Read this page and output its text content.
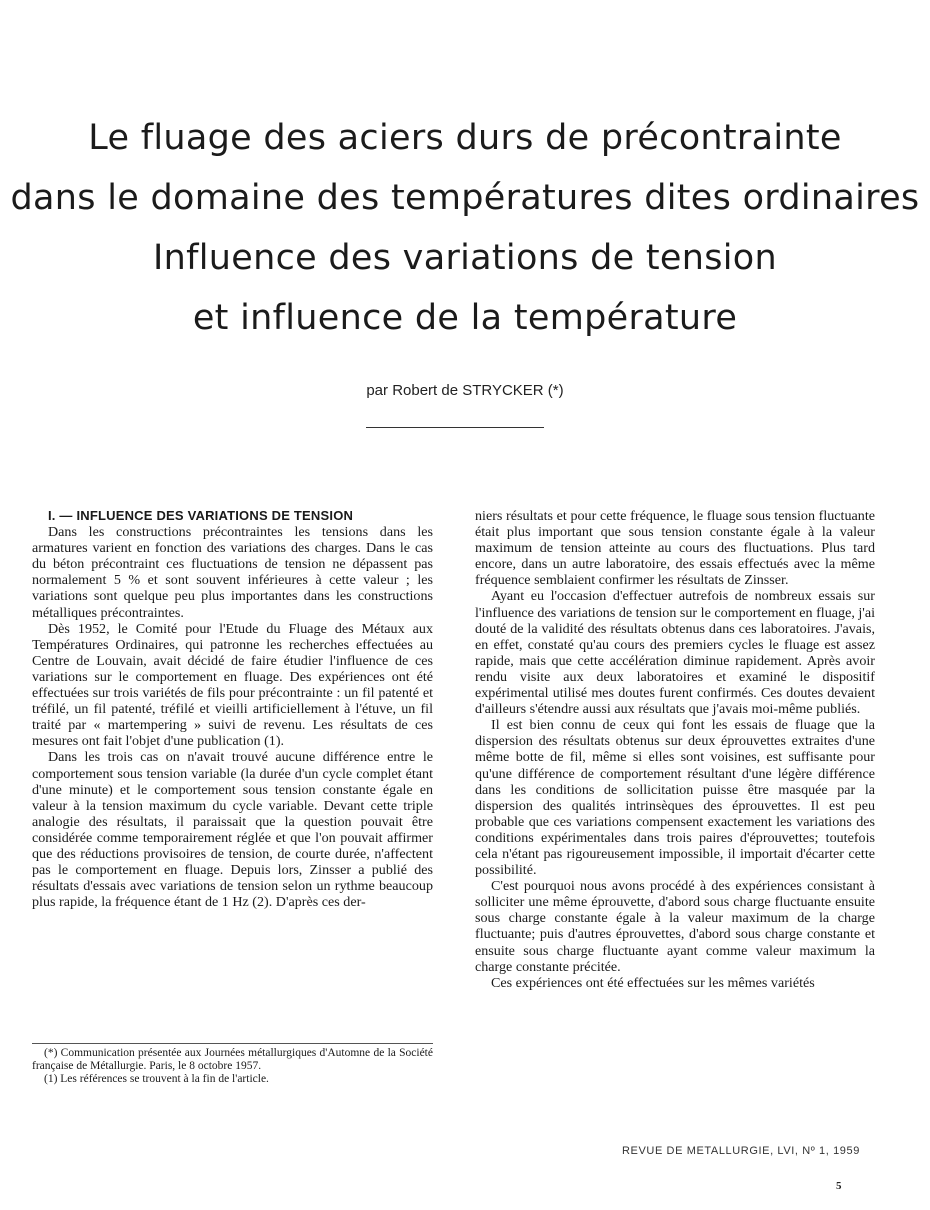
Le fluage des aciers durs de précontrainte
dans le domaine des températures dites ordinaires
Influence des variations de tension
et influence de la température
par Robert de STRYCKER (*)

I. — INFLUENCE DES VARIATIONS DE TENSION

Dans les constructions précontraintes les tensions dans les armatures varient en fonction des variations des charges. Dans le cas du béton précontraint ces fluctuations de tension ne dépassent pas normalement 5 % et sont souvent inférieures à cette valeur ; les variations sont quelque peu plus importantes dans les constructions métalliques précontraintes.

Dès 1952, le Comité pour l'Etude du Fluage des Métaux aux Températures Ordinaires, qui patronne les recherches effectuées au Centre de Louvain, avait décidé de faire étudier l'influence de ces variations sur le comportement en fluage. Des expériences ont été effectuées sur trois variétés de fils pour précontrainte : un fil patenté et tréfilé, un fil patenté, tréfilé et vieilli artificiellement à l'étuve, un fil traité par « martempering » suivi de revenu. Les résultats de ces mesures ont fait l'objet d'une publication (1).

Dans les trois cas on n'avait trouvé aucune différence entre le comportement sous tension variable (la durée d'un cycle complet étant d'une minute) et le comportement sous tension constante égale en valeur à la tension maximum du cycle variable. Devant cette triple analogie des résultats, il paraissait que la question pouvait être considérée comme temporairement réglée et que l'on pouvait affirmer que des réductions provisoires de tension, de courte durée, n'affectent pas le comportement en fluage. Depuis lors, Zinsser a publié des résultats d'essais avec variations de tension selon un rythme beaucoup plus rapide, la fréquence étant de 1 Hz (2). D'après ces der-

(*) Communication présentée aux Journées métallurgiques d'Automne de la Société française de Métallurgie. Paris, le 8 octobre 1957.

(1) Les références se trouvent à la fin de l'article.

niers résultats et pour cette fréquence, le fluage sous tension fluctuante était plus important que sous tension constante égale à la valeur maximum de tension atteinte au cours des fluctuations. Plus tard encore, dans un autre laboratoire, des essais effectués avec la même fréquence semblaient confirmer les résultats de Zinsser.

Ayant eu l'occasion d'effectuer autrefois de nombreux essais sur l'influence des variations de tension sur le comportement en fluage, j'ai douté de la validité des résultats obtenus dans ces laboratoires. J'avais, en effet, constaté qu'au cours des premiers cycles le fluage est assez rapide, mais que cette accélération diminue rapidement. Après avoir rendu visite aux deux laboratoires et examiné le dispositif expérimental utilisé mes doutes furent confirmés. Ces doutes devaient d'ailleurs s'étendre aussi aux résultats que j'avais moi-même publiés.

Il est bien connu de ceux qui font les essais de fluage que la dispersion des résultats obtenus sur deux éprouvettes extraites d'une même botte de fil, même si elles sont voisines, est suffisante pour qu'une différence de comportement résultant d'une légère différence dans les conditions de sollicitation puisse être masquée par la dispersion des qualités intrinsèques des éprouvettes. Il est peu probable que ces variations compensent exactement les variations des conditions expérimentales dans trois paires d'éprouvettes; toutefois cela n'étant pas rigoureusement impossible, il importait d'écarter cette possibilité.

C'est pourquoi nous avons procédé à des expériences consistant à solliciter une même éprouvette, d'abord sous charge fluctuante ensuite sous charge constante égale à la valeur maximum de la charge fluctuante; puis d'autres éprouvettes, d'abord sous charge constante et ensuite sous charge fluctuante ayant comme valeur maximum la charge constante précitée.

Ces expériences ont été effectuées sur les mêmes variétés

REVUE DE METALLURGIE, LVI, Nº 1, 1959
5
